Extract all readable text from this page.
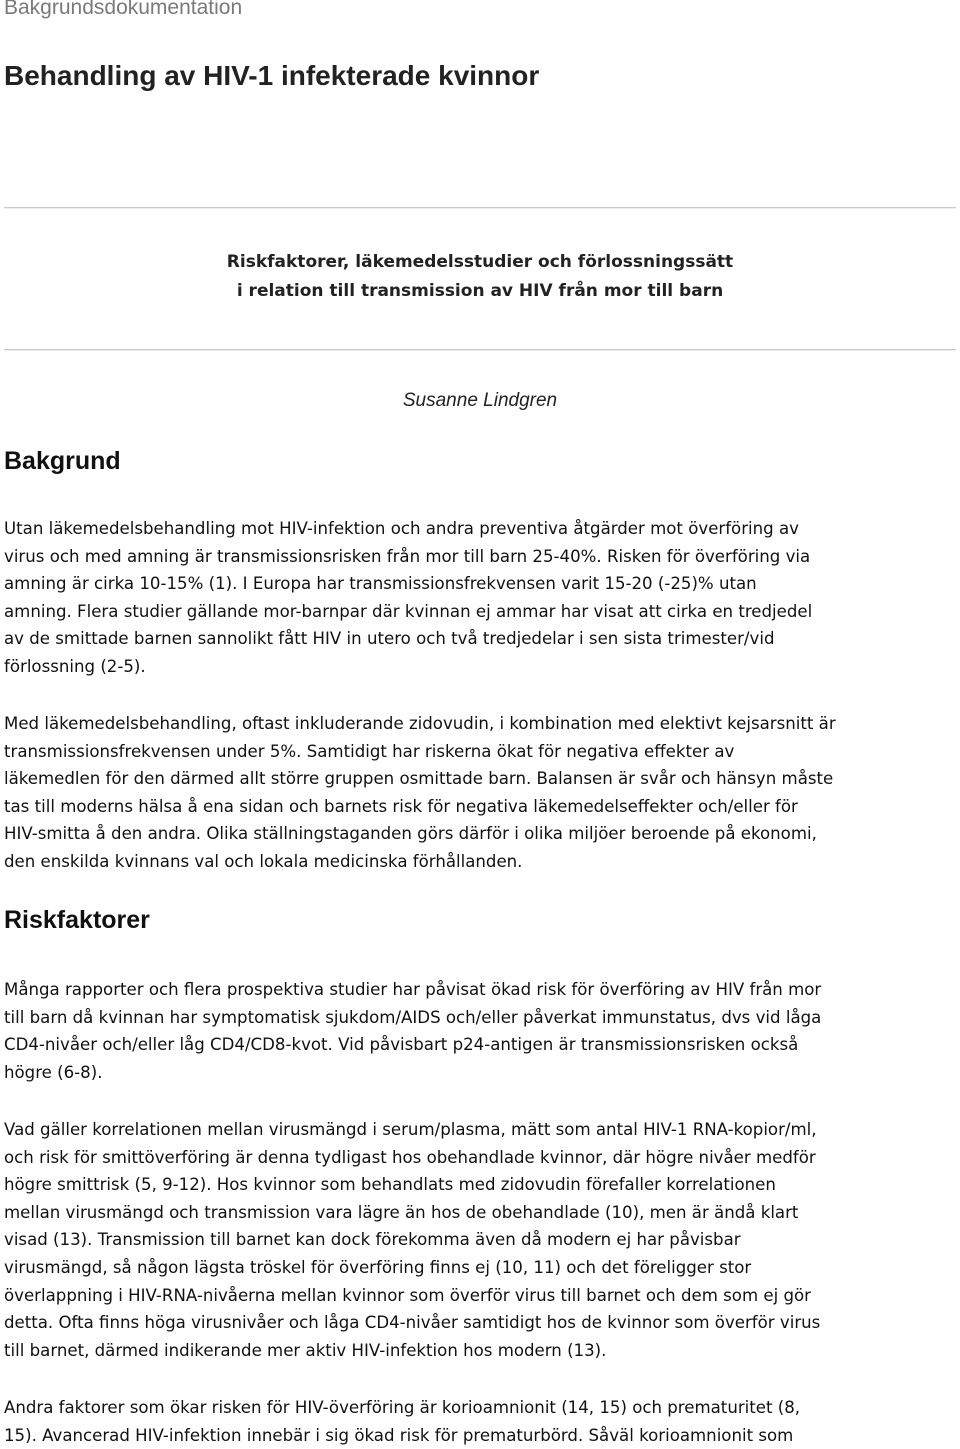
Bakgrundsdokumentation
Behandling av HIV-1 infekterade kvinnor
Riskfaktorer, läkemedelsstudier och förlossningssätt
i relation till transmission av HIV från mor till barn
Susanne Lindgren
Bakgrund

Utan läkemedelsbehandling mot HIV-infektion och andra preventiva åtgärder mot överföring av
virus och med amning är transmissionsrisken från mor till barn 25-40%. Risken för överföring via
amning är cirka 10-15% (1). I Europa har transmissionsfrekvensen varit 15-20 (-25)% utan
amning. Flera studier gällande mor-barnpar där kvinnan ej ammar har visat att cirka en tredjedel
av de smittade barnen sannolikt fått HIV in utero och två tredjedelar i sen sista trimester/vid
förlossning (2-5).

Med läkemedelsbehandling, oftast inkluderande zidovudin, i kombination med elektivt kejsarsnitt är
transmissionsfrekvensen under 5%. Samtidigt har riskerna ökat för negativa effekter av
läkemedlen för den därmed allt större gruppen osmittade barn. Balansen är svår och hänsyn måste
tas till moderns hälsa å ena sidan och barnets risk för negativa läkemedelseffekter och/eller för
HIV-smitta å den andra. Olika ställningstaganden görs därför i olika miljöer beroende på ekonomi,
den enskilda kvinnans val och lokala medicinska förhållanden.

Riskfaktorer

Många rapporter och flera prospektiva studier har påvisat ökad risk för överföring av HIV från mor
till barn då kvinnan har symptomatisk sjukdom/AIDS och/eller påverkat immunstatus, dvs vid låga
CD4-nivåer och/eller låg CD4/CD8-kvot. Vid påvisbart p24-antigen är transmissionsrisken också
högre (6-8).

Vad gäller korrelationen mellan virusmängd i serum/plasma, mätt som antal HIV-1 RNA-kopior/ml,
och risk för smittöverföring är denna tydligast hos obehandlade kvinnor, där högre nivåer medför
högre smittrisk (5, 9-12). Hos kvinnor som behandlats med zidovudin förefaller korrelationen
mellan virusmängd och transmission vara lägre än hos de obehandlade (10), men är ändå klart
visad (13). Transmission till barnet kan dock förekomma även då modern ej har påvisbar
virusmängd, så någon lägsta tröskel för överföring finns ej (10, 11) och det föreligger stor
överlappning i HIV-RNA-nivåerna mellan kvinnor som överför virus till barnet och dem som ej gör
detta. Ofta finns höga virusnivåer och låga CD4-nivåer samtidigt hos de kvinnor som överför virus
till barnet, därmed indikerande mer aktiv HIV-infektion hos modern (13).

Andra faktorer som ökar risken för HIV-överföring är korioamnionit (14, 15) och prematuritet (8,
15). Avancerad HIV-infektion innebär i sig ökad risk för prematurbörd. Såväl korioamnionit som
